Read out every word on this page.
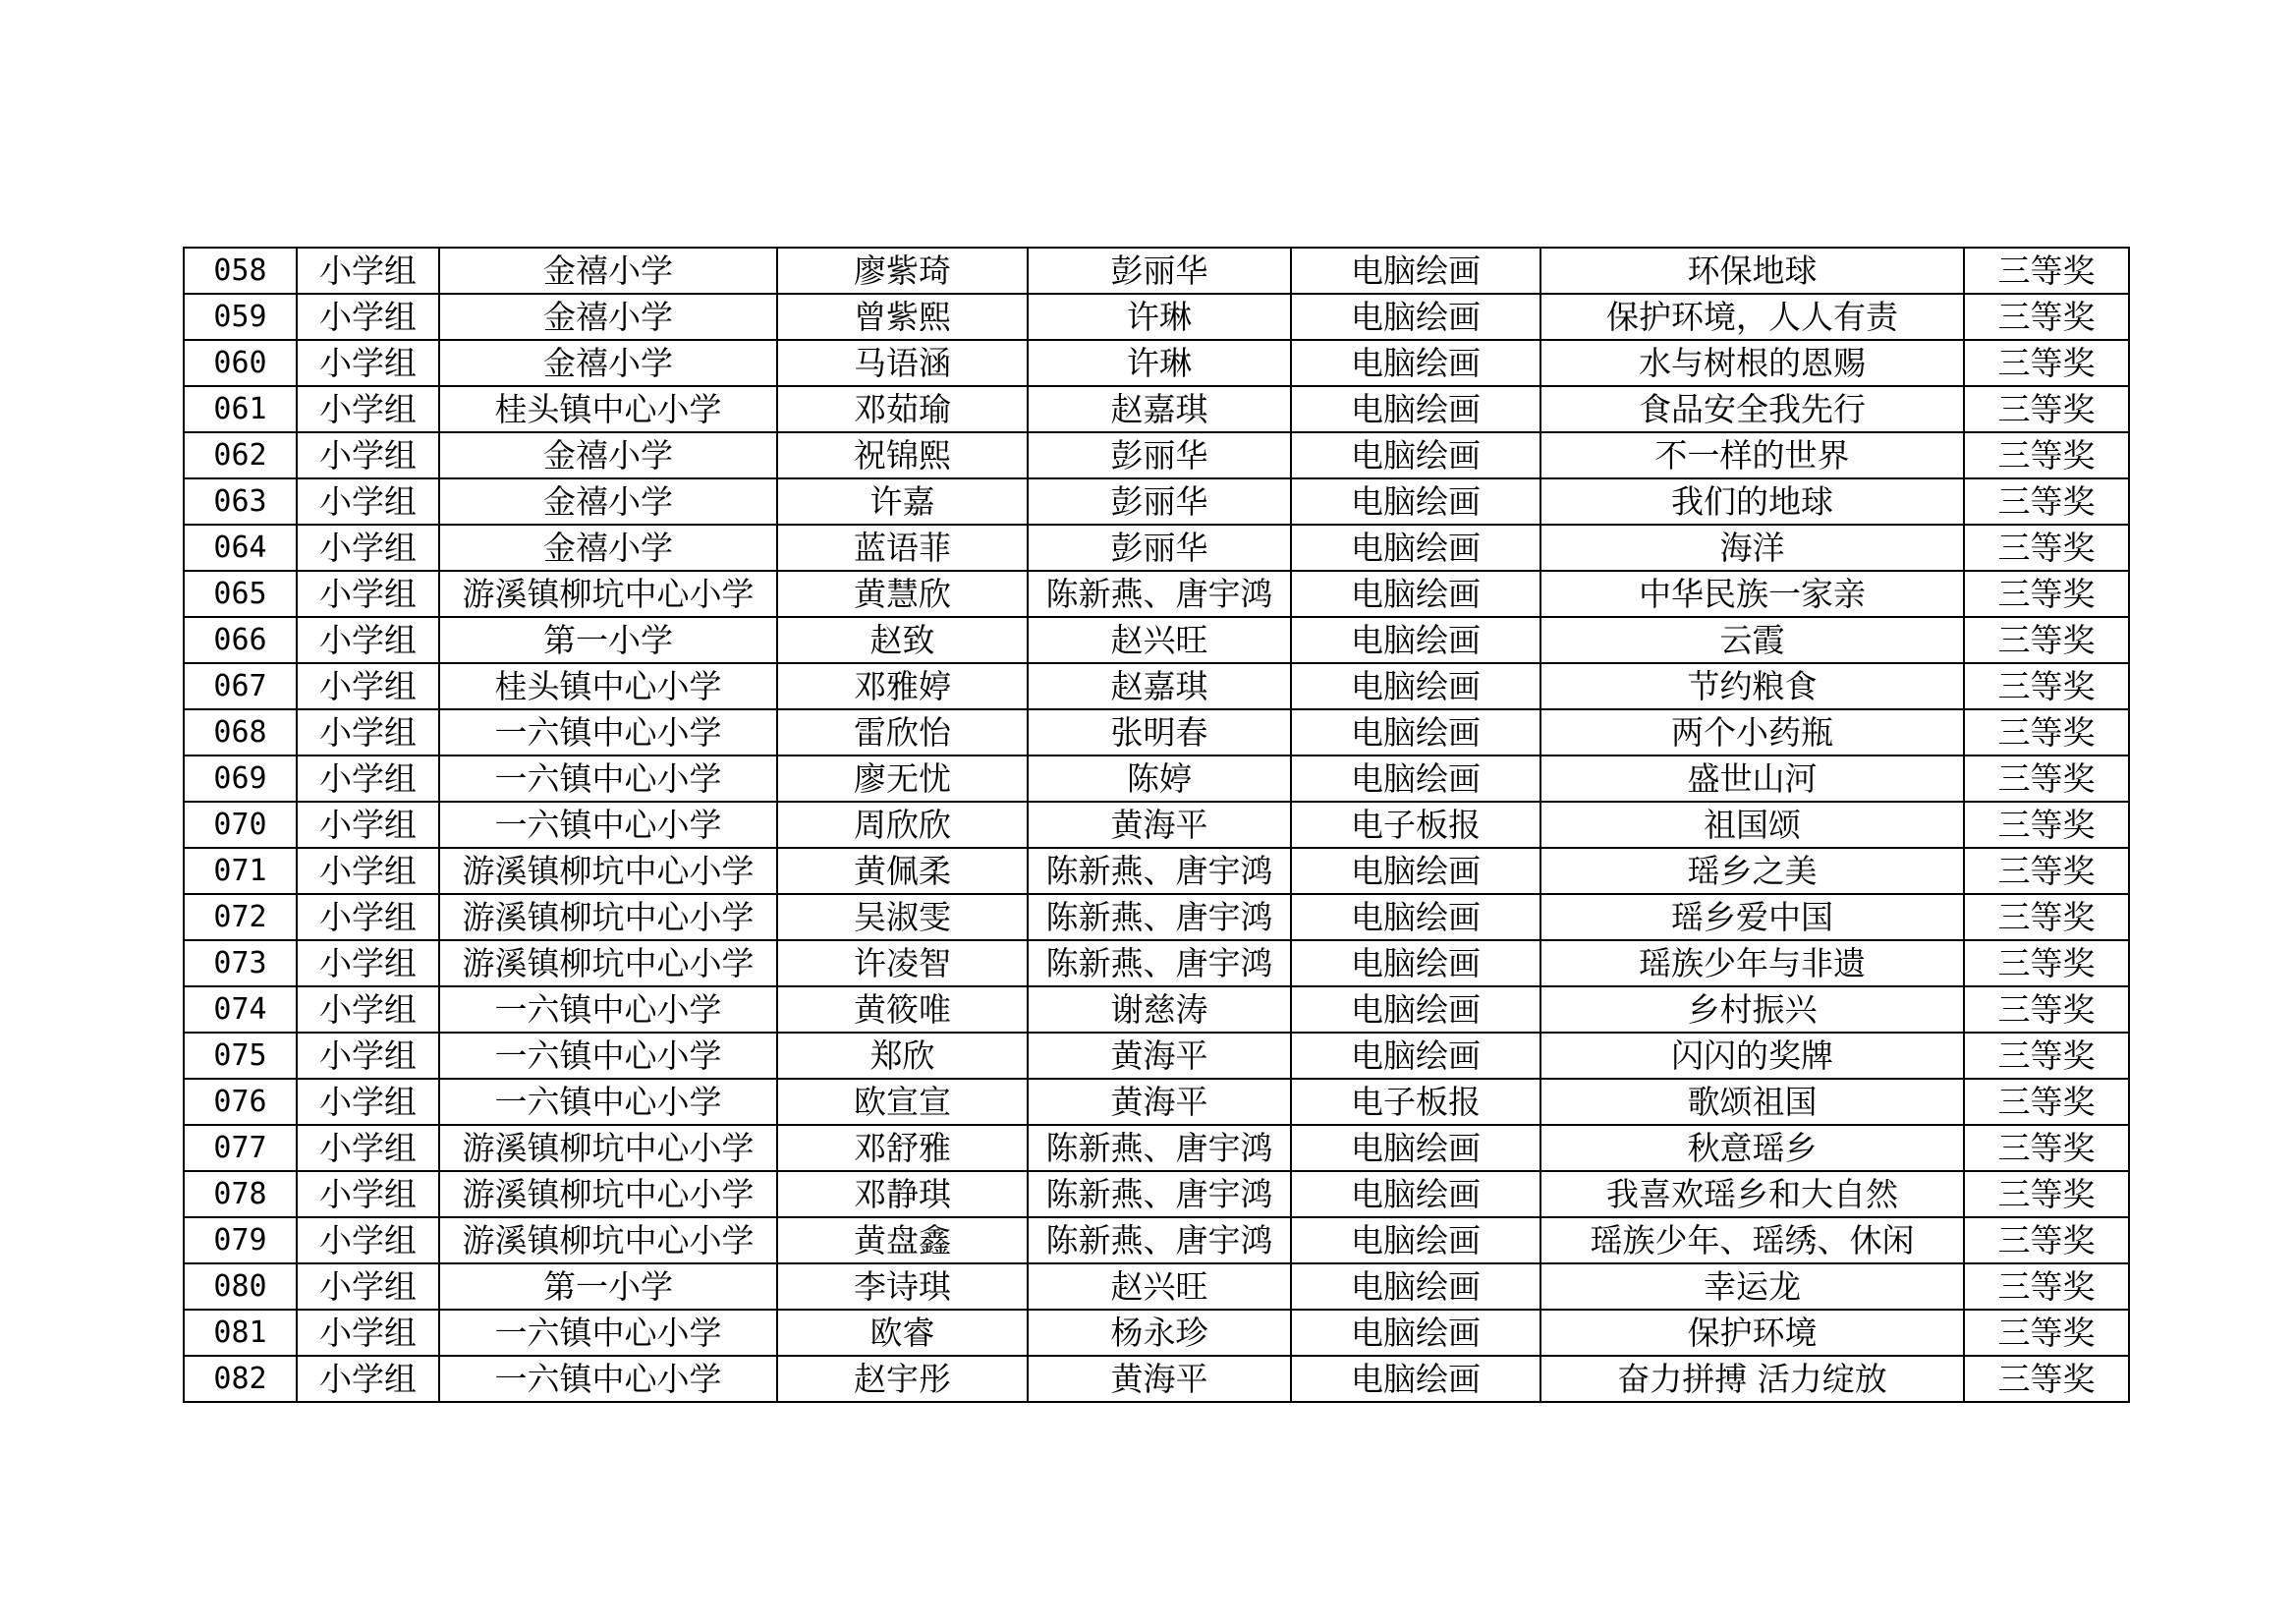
058	小学组	金禧小学	廖紫琦	彭丽华	电脑绘画	环保地球	三等奖
059	小学组	金禧小学	曾紫熙	许琳	电脑绘画	保护环境，人人有责	三等奖
060	小学组	金禧小学	马语涵	许琳	电脑绘画	水与树根的恩赐	三等奖
061	小学组	桂头镇中心小学	邓茹瑜	赵嘉琪	电脑绘画	食品安全我先行	三等奖
062	小学组	金禧小学	祝锦熙	彭丽华	电脑绘画	不一样的世界	三等奖
063	小学组	金禧小学	许嘉	彭丽华	电脑绘画	我们的地球	三等奖
064	小学组	金禧小学	蓝语菲	彭丽华	电脑绘画	海洋	三等奖
065	小学组	游溪镇柳坑中心小学	黄慧欣	陈新燕、唐宇鸿	电脑绘画	中华民族一家亲	三等奖
066	小学组	第一小学	赵致	赵兴旺	电脑绘画	云霞	三等奖
067	小学组	桂头镇中心小学	邓雅婷	赵嘉琪	电脑绘画	节约粮食	三等奖
068	小学组	一六镇中心小学	雷欣怡	张明春	电脑绘画	两个小药瓶	三等奖
069	小学组	一六镇中心小学	廖无忧	陈婷	电脑绘画	盛世山河	三等奖
070	小学组	一六镇中心小学	周欣欣	黄海平	电子板报	祖国颂	三等奖
071	小学组	游溪镇柳坑中心小学	黄佩柔	陈新燕、唐宇鸿	电脑绘画	瑶乡之美	三等奖
072	小学组	游溪镇柳坑中心小学	吴淑雯	陈新燕、唐宇鸿	电脑绘画	瑶乡爱中国	三等奖
073	小学组	游溪镇柳坑中心小学	许凌智	陈新燕、唐宇鸿	电脑绘画	瑶族少年与非遗	三等奖
074	小学组	一六镇中心小学	黄筱唯	谢慈涛	电脑绘画	乡村振兴	三等奖
075	小学组	一六镇中心小学	郑欣	黄海平	电脑绘画	闪闪的奖牌	三等奖
076	小学组	一六镇中心小学	欧宣宣	黄海平	电子板报	歌颂祖国	三等奖
077	小学组	游溪镇柳坑中心小学	邓舒雅	陈新燕、唐宇鸿	电脑绘画	秋意瑶乡	三等奖
078	小学组	游溪镇柳坑中心小学	邓静琪	陈新燕、唐宇鸿	电脑绘画	我喜欢瑶乡和大自然	三等奖
079	小学组	游溪镇柳坑中心小学	黄盘鑫	陈新燕、唐宇鸿	电脑绘画	瑶族少年、瑶绣、休闲	三等奖
080	小学组	第一小学	李诗琪	赵兴旺	电脑绘画	幸运龙	三等奖
081	小学组	一六镇中心小学	欧睿	杨永珍	电脑绘画	保护环境	三等奖
082	小学组	一六镇中心小学	赵宇彤	黄海平	电脑绘画	奋力拼搏 活力绽放	三等奖
